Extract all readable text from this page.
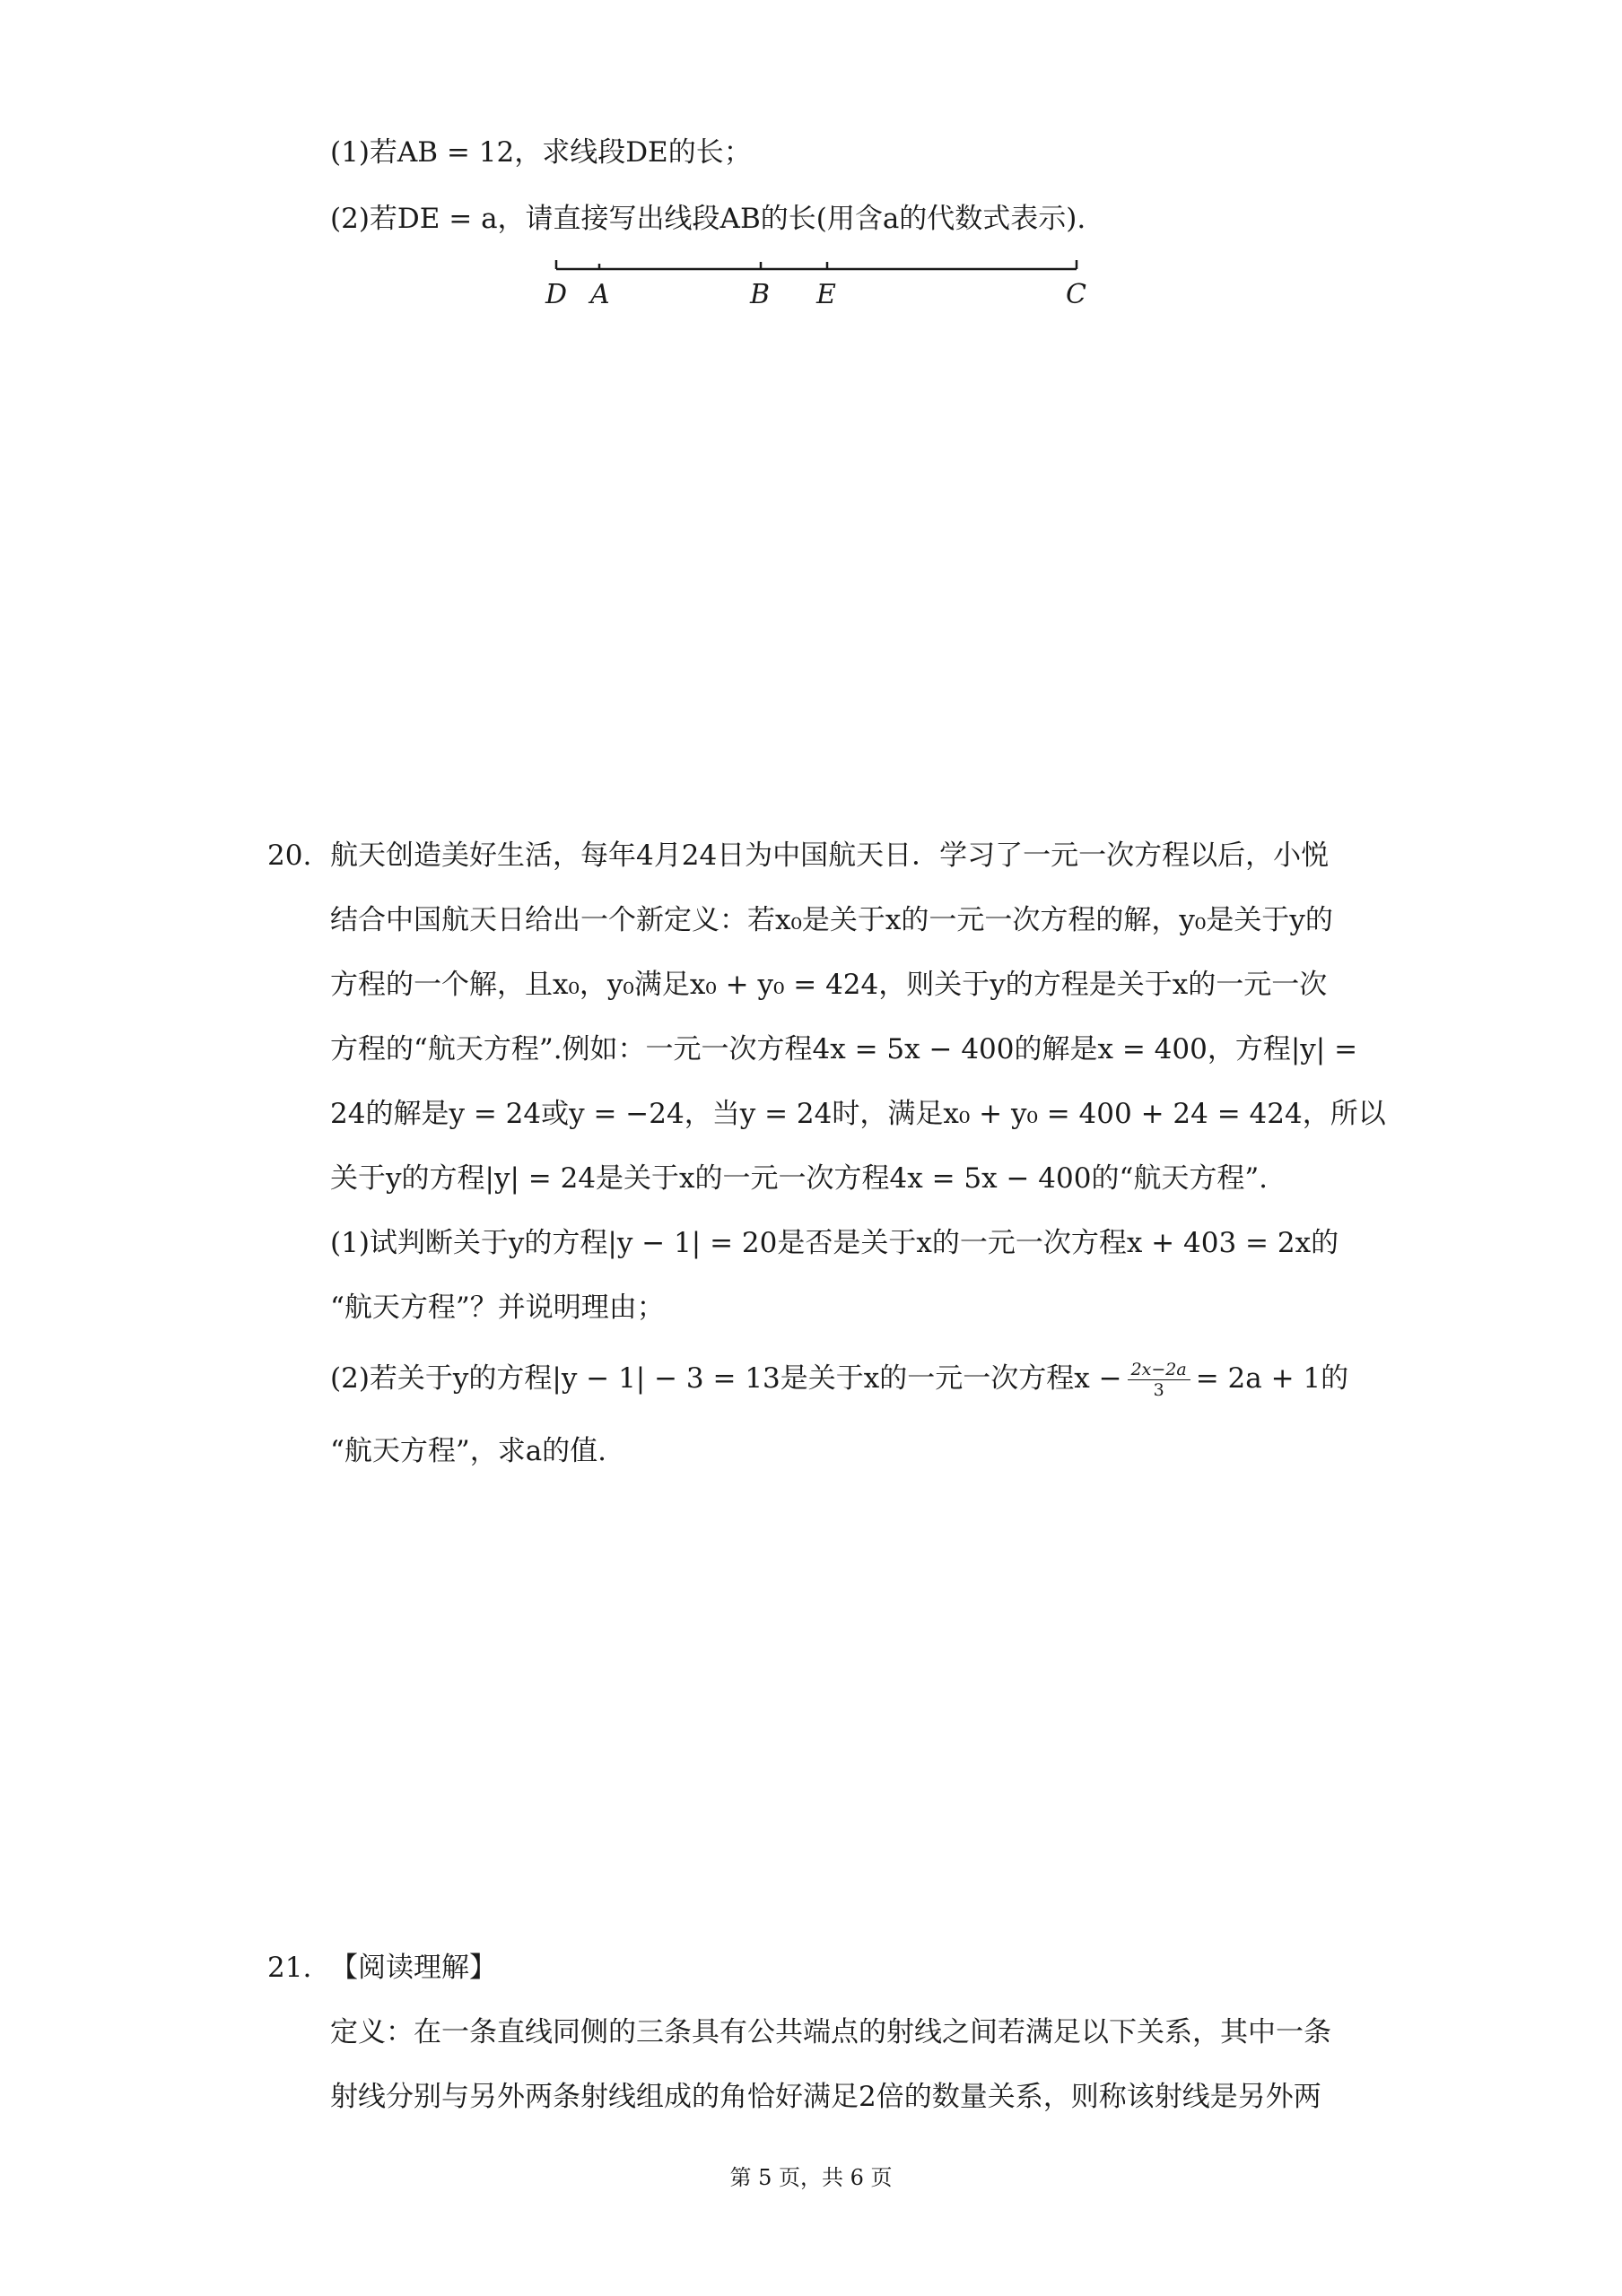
(1)若AB = 12，求线段DE的长；
(2)若DE = a，请直接写出线段AB的长(用含a的代数式表示).
D A	B E	C
20. 航天创造美好生活，每年4月24日为中国航天日．学习了一元一次方程以后，小悦
结合中国航天日给出一个新定义：若x₀是关于x的一元一次方程的解，y₀是关于y的
方程的一个解，且x₀，y₀满足x₀ + y₀ = 424，则关于y的方程是关于x的一元一次
方程的“航天方程”.例如：一元一次方程4x = 5x − 400的解是x = 400，方程|y| =
24的解是y = 24或y = −24，当y = 24时，满足x₀ + y₀ = 400 + 24 = 424，所以
关于y的方程|y| = 24是关于x的一元一次方程4x = 5x − 400的“航天方程”.
(1)试判断关于y的方程|y − 1| = 20是否是关于x的一元一次方程x + 403 = 2x的
“航天方程”？并说明理由；
(2)若关于y的方程|y − 1| − 3 = 13是关于x的一元一次方程$x - \frac{2x-2a}{3} = 2a + 1$的
“航天方程”，求a的值.
21. 【阅读理解】
定义：在一条直线同侧的三条具有公共端点的射线之间若满足以下关系，其中一条
射线分别与另外两条射线组成的角恰好满足2倍的数量关系，则称该射线是另外两
第 5 页，共 6 页
